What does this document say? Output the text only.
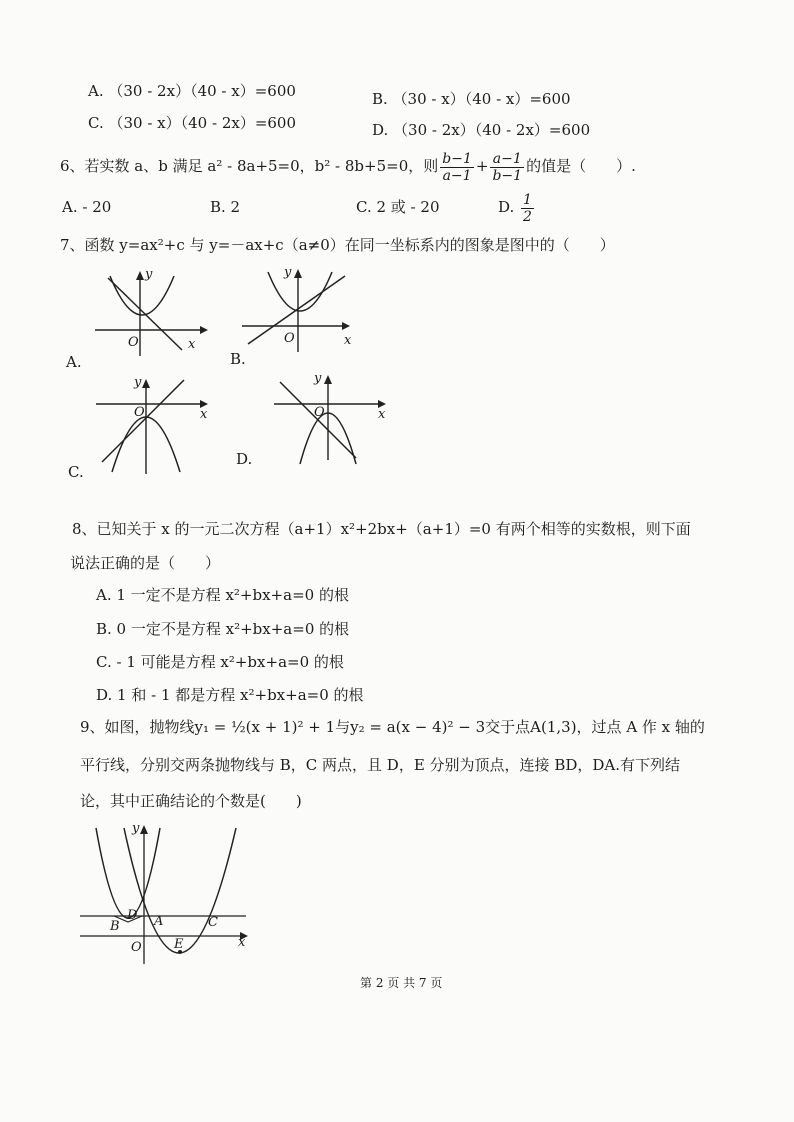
A. （30 - 2x）（40 - x）=600	B. （30 - x）（40 - x）=600
C. （30 - x）（40 - 2x）=600	D. （30 - 2x）（40 - 2x）=600
6、若实数 a、b 满足 a² - 8a+5=0，b² - 8b+5=0，则 $\frac{b-1}{a-1} + \frac{a-1}{b-1}$ 的值是（　　）.
A. - 20	B. 2	C. 2 或 - 20	D. $\frac{1}{2}$
7、函数 y=ax²+c 与 y=－ax+c（a≠0）在同一坐标系内的图象是图中的（　　）
y
x
O
A.
y
x
O
B.
y
x
O
C.
y
x
O
D.
8、已知关于 x 的一元二次方程（a+1）x²+2bx+（a+1）=0 有两个相等的实数根，则下面
说法正确的是（　　）
A. 1 一定不是方程 x²+bx+a=0 的根
B. 0 一定不是方程 x²+bx+a=0 的根
C. - 1 可能是方程 x²+bx+a=0 的根
D. 1 和 - 1 都是方程 x²+bx+a=0 的根
9、如图，抛物线y₁ = ½(x + 1)² + 1与y₂ = a(x − 4)² − 3交于点A(1,3)，过点 A 作 x 轴的
平行线，分别交两条抛物线与 B，C 两点，且 D，E 分别为顶点，连接 BD，DA.有下列结
论，其中正确结论的个数是(　　)
y
x
B
D A	C
O E
第 2 页 共 7 页
